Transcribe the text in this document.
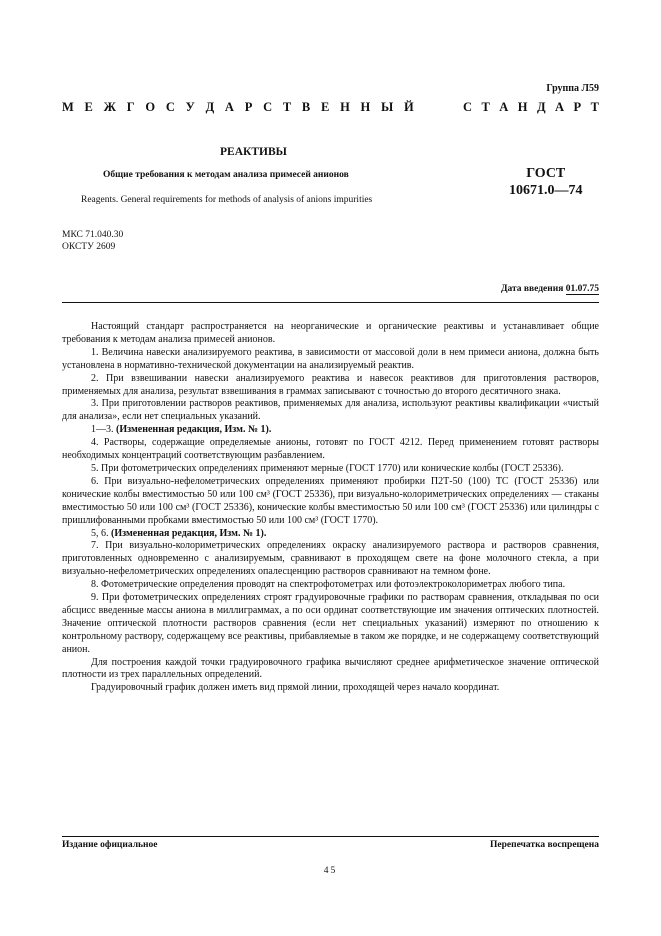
Группа Л59
М Е Ж Г О С У Д А Р С Т В Е Н Н Ы Й	С Т А Н Д А Р Т
РЕАКТИВЫ
Общие требования к методам анализа примесей анионов	ГОСТ
10671.0—74
Reagents. General requirements for methods of analysis of anions impurities
МКС 71.040.30
ОКСТУ 2609
Дата введения 01.07.75

Настоящий стандарт распространяется на неорганические и органические реактивы и устанавливает общие требования к методам анализа примесей анионов.

1. Величина навески анализируемого реактива, в зависимости от массовой доли в нем примеси аниона, должна быть установлена в нормативно-технической документации на анализируемый реактив.

2. При взвешивании навески анализируемого реактива и навесок реактивов для приготовления растворов, применяемых для анализа, результат взвешивания в граммах записывают с точностью до второго десятичного знака.

3. При приготовлении растворов реактивов, применяемых для анализа, используют реактивы квалификации «чистый для анализа», если нет специальных указаний.

1—3. (Измененная редакция, Изм. № 1).

4. Растворы, содержащие определяемые анионы, готовят по ГОСТ 4212. Перед применением готовят растворы необходимых концентраций соответствующим разбавлением.

5. При фотометрических определениях применяют мерные (ГОСТ 1770) или конические колбы (ГОСТ 25336).

6. При визуально-нефелометрических определениях применяют пробирки П2Т-50 (100) ТС (ГОСТ 25336) или конические колбы вместимостью 50 или 100 см³ (ГОСТ 25336), при визуально-колориметрических определениях — стаканы вместимостью 50 или 100 см³ (ГОСТ 25336), конические колбы вместимостью 50 или 100 см³ (ГОСТ 25336) или цилиндры с пришлифованными пробками вместимостью 50 или 100 см³ (ГОСТ 1770).

5, 6. (Измененная редакция, Изм. № 1).

7. При визуально-колориметрических определениях окраску анализируемого раствора и растворов сравнения, приготовленных одновременно с анализируемым, сравнивают в проходящем свете на фоне молочного стекла, а при визуально-нефелометрических определениях опалесценцию растворов сравнивают на темном фоне.

8. Фотометрические определения проводят на спектрофотометрах или фотоэлектроколориметрах любого типа.

9. При фотометрических определениях строят градуировочные графики по растворам сравнения, откладывая по оси абсцисс введенные массы аниона в миллиграммах, а по оси ординат соответствующие им значения оптических плотностей. Значение оптической плотности растворов сравнения (если нет специальных указаний) измеряют по отношению к контрольному раствору, содержащему все реактивы, прибавляемые в таком же порядке, и не содержащему соответствующий анион.

Для построения каждой точки градуировочного графика вычисляют среднее арифметическое значение оптической плотности из трех параллельных определений.

Градуировочный график должен иметь вид прямой линии, проходящей через начало координат.

Издание официальное	Перепечатка воспрещена
45
